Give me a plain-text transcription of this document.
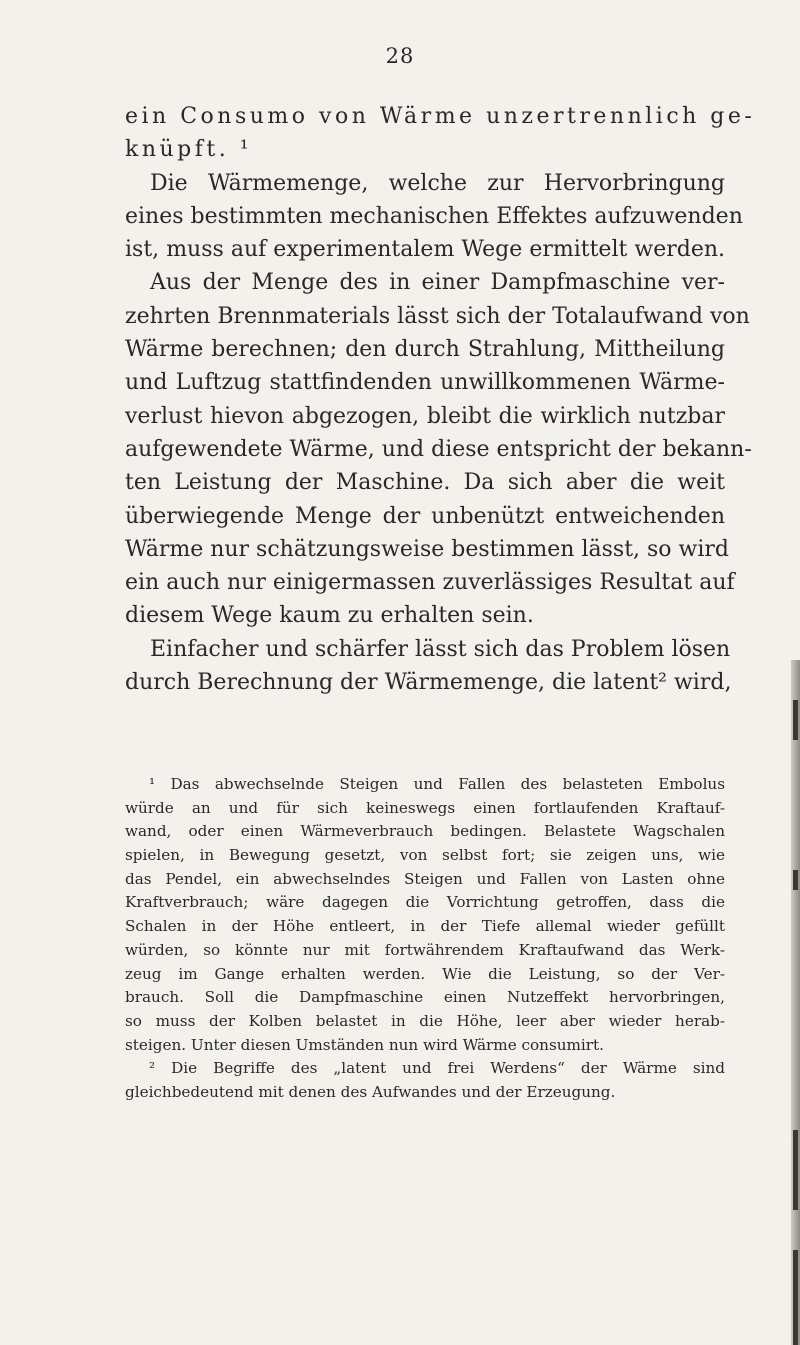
28
ein Consumo von Wärme unzertrennlich ge-
knüpft. ¹
Die Wärmemenge, welche zur Hervorbringung
eines bestimmten mechanischen Effektes aufzuwenden
ist, muss auf experimentalem Wege ermittelt werden.
Aus der Menge des in einer Dampfmaschine ver-
zehrten Brennmaterials lässt sich der Totalaufwand von
Wärme berechnen; den durch Strahlung, Mittheilung
und Luftzug stattfindenden unwillkommenen Wärme-
verlust hievon abgezogen, bleibt die wirklich nutzbar
aufgewendete Wärme, und diese entspricht der bekann-
ten Leistung der Maschine. Da sich aber die weit
überwiegende Menge der unbenützt entweichenden
Wärme nur schätzungsweise bestimmen lässt, so wird
ein auch nur einigermassen zuverlässiges Resultat auf
diesem Wege kaum zu erhalten sein.
Einfacher und schärfer lässt sich das Problem lösen
durch Berechnung der Wärmemenge, die latent² wird,
¹ Das abwechselnde Steigen und Fallen des belasteten Embolus
würde an und für sich keineswegs einen fortlaufenden Kraftauf-
wand, oder einen Wärmeverbrauch bedingen. Belastete Wagschalen
spielen, in Bewegung gesetzt, von selbst fort; sie zeigen uns, wie
das Pendel, ein abwechselndes Steigen und Fallen von Lasten ohne
Kraftverbrauch; wäre dagegen die Vorrichtung getroffen, dass die
Schalen in der Höhe entleert, in der Tiefe allemal wieder gefüllt
würden, so könnte nur mit fortwährendem Kraftaufwand das Werk-
zeug im Gange erhalten werden. Wie die Leistung, so der Ver-
brauch. Soll die Dampfmaschine einen Nutzeffekt hervorbringen,
so muss der Kolben belastet in die Höhe, leer aber wieder herab-
steigen. Unter diesen Umständen nun wird Wärme consumirt.
² Die Begriffe des „latent und frei Werdens“ der Wärme sind
gleichbedeutend mit denen des Aufwandes und der Erzeugung.
